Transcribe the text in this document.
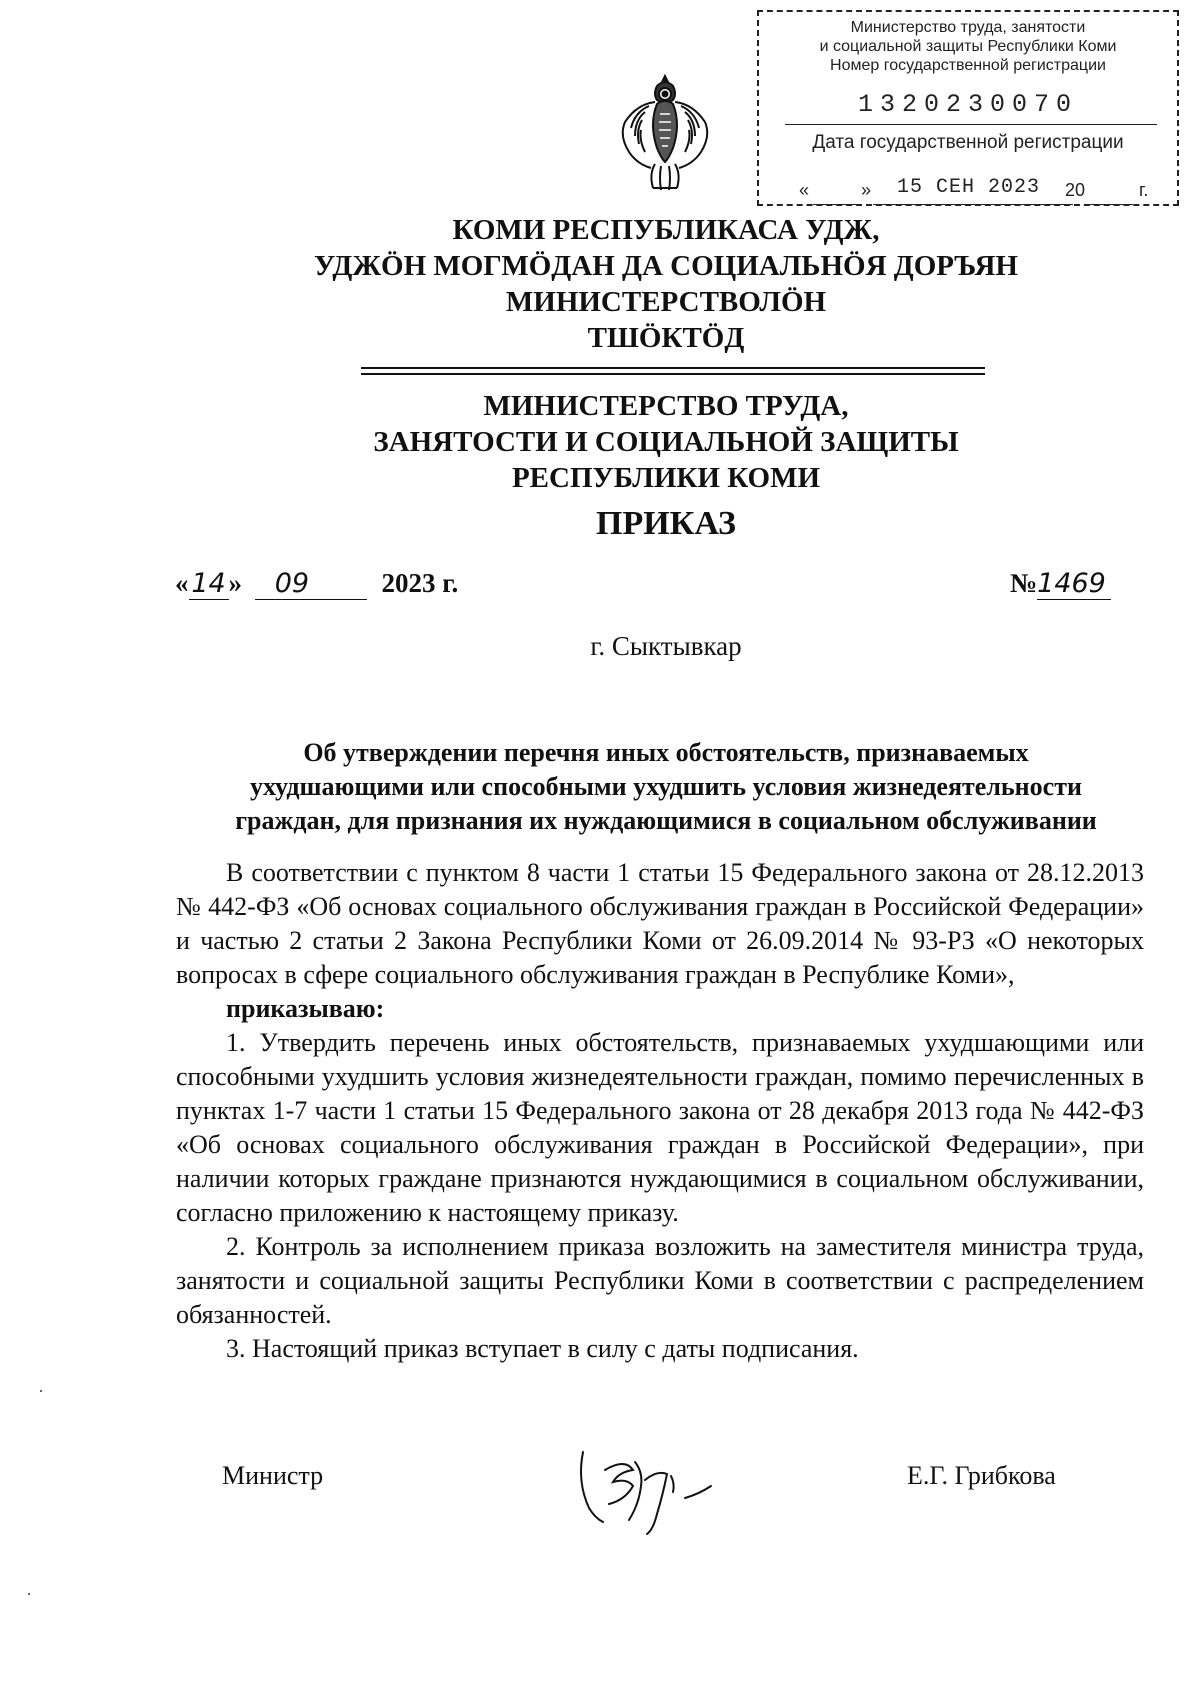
Министерство труда, занятости
и социальной защиты Республики Коми
Номер государственной регистрации
1320230070
Дата государственной регистрации
«	» 15 СЕН 2023 20	г.
КОМИ РЕСПУБЛИКАСА УДЖ,
УДЖӦН МОГМӦДАН ДА СОЦИАЛЬНӦЯ ДОРЪЯН
МИНИСТЕРСТВОЛӦН
ТШӦКТӦД
МИНИСТЕРСТВО ТРУДА,
ЗАНЯТОСТИ И СОЦИАЛЬНОЙ ЗАЩИТЫ
РЕСПУБЛИКИ КОМИ
ПРИКАЗ
« 14 » 09	2023 г.	№1469
г. Сыктывкар
Об утверждении перечня иных обстоятельств, признаваемых
ухудшающими или способными ухудшить условия жизнедеятельности
граждан, для признания их нуждающимися в социальном обслуживании

В соответствии с пунктом 8 части 1 статьи 15 Федерального закона от 28.12.2013 № 442-ФЗ «Об основах социального обслуживания граждан в Российской Федерации» и частью 2 статьи 2 Закона Республики Коми от 26.09.2014 № 93-РЗ «О некоторых вопросах в сфере социального обслуживания граждан в Республике Коми»,

приказываю:

1. Утвердить перечень иных обстоятельств, признаваемых ухудшающими или способными ухудшить условия жизнедеятельности граждан, помимо перечисленных в пунктах 1-7 части 1 статьи 15 Федерального закона от 28 декабря 2013 года № 442-ФЗ «Об основах социального обслуживания граждан в Российской Федерации», при наличии которых граждане признаются нуждающимися в социальном обслуживании, согласно приложению к настоящему приказу.

2. Контроль за исполнением приказа возложить на заместителя министра труда, занятости и социальной защиты Республики Коми в соответствии с распределением обязанностей.

3. Настоящий приказ вступает в силу с даты подписания.

Министр	Е.Г. Грибкова
